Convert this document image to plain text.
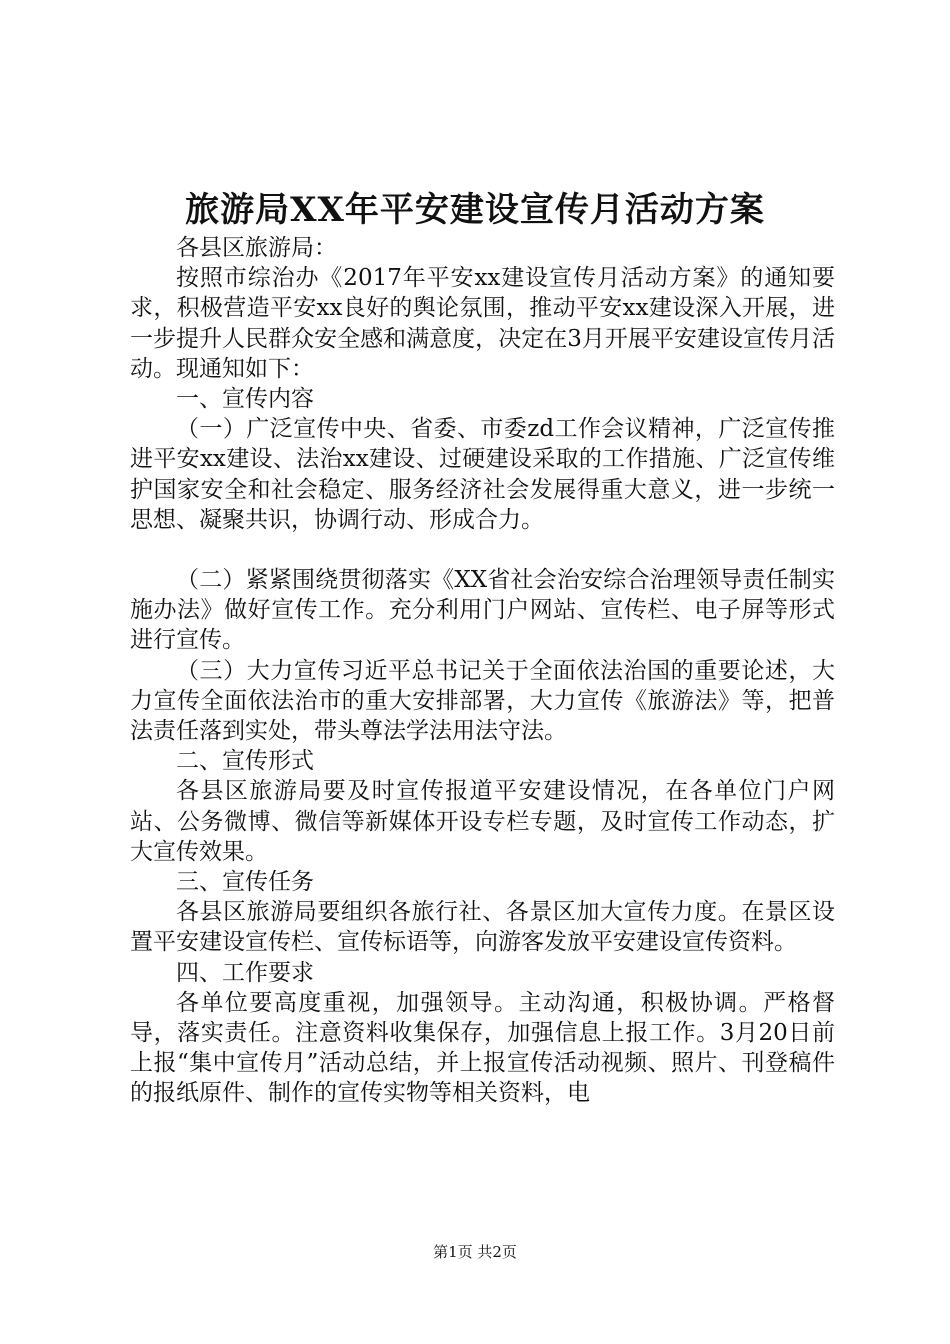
旅游局XX年平安建设宣传月活动方案

各县区旅游局：

按照市综治办《2017年平安xx建设宣传月活动方案》的通知要求，积极营造平安xx良好的舆论氛围，推动平安xx建设深入开展，进一步提升人民群众安全感和满意度，决定在3月开展平安建设宣传月活动。现通知如下：

一、宣传内容

（一）广泛宣传中央、省委、市委zd工作会议精神，广泛宣传推进平安xx建设、法治xx建设、过硬建设采取的工作措施、广泛宣传维护国家安全和社会稳定、服务经济社会发展得重大意义，进一步统一思想、凝聚共识，协调行动、形成合力。

（二）紧紧围绕贯彻落实《XX省社会治安综合治理领导责任制实施办法》做好宣传工作。充分利用门户网站、宣传栏、电子屏等形式进行宣传。

（三）大力宣传习近平总书记关于全面依法治国的重要论述，大力宣传全面依法治市的重大安排部署，大力宣传《旅游法》等，把普法责任落到实处，带头尊法学法用法守法。

二、宣传形式

各县区旅游局要及时宣传报道平安建设情况，在各单位门户网站、公务微博、微信等新媒体开设专栏专题，及时宣传工作动态，扩大宣传效果。

三、宣传任务

各县区旅游局要组织各旅行社、各景区加大宣传力度。在景区设置平安建设宣传栏、宣传标语等，向游客发放平安建设宣传资料。

四、工作要求

各单位要高度重视，加强领导。主动沟通，积极协调。严格督导，落实责任。注意资料收集保存，加强信息上报工作。3月20日前上报“集中宣传月”活动总结，并上报宣传活动视频、照片、刊登稿件的报纸原件、制作的宣传实物等相关资料，电

第1页 共2页
